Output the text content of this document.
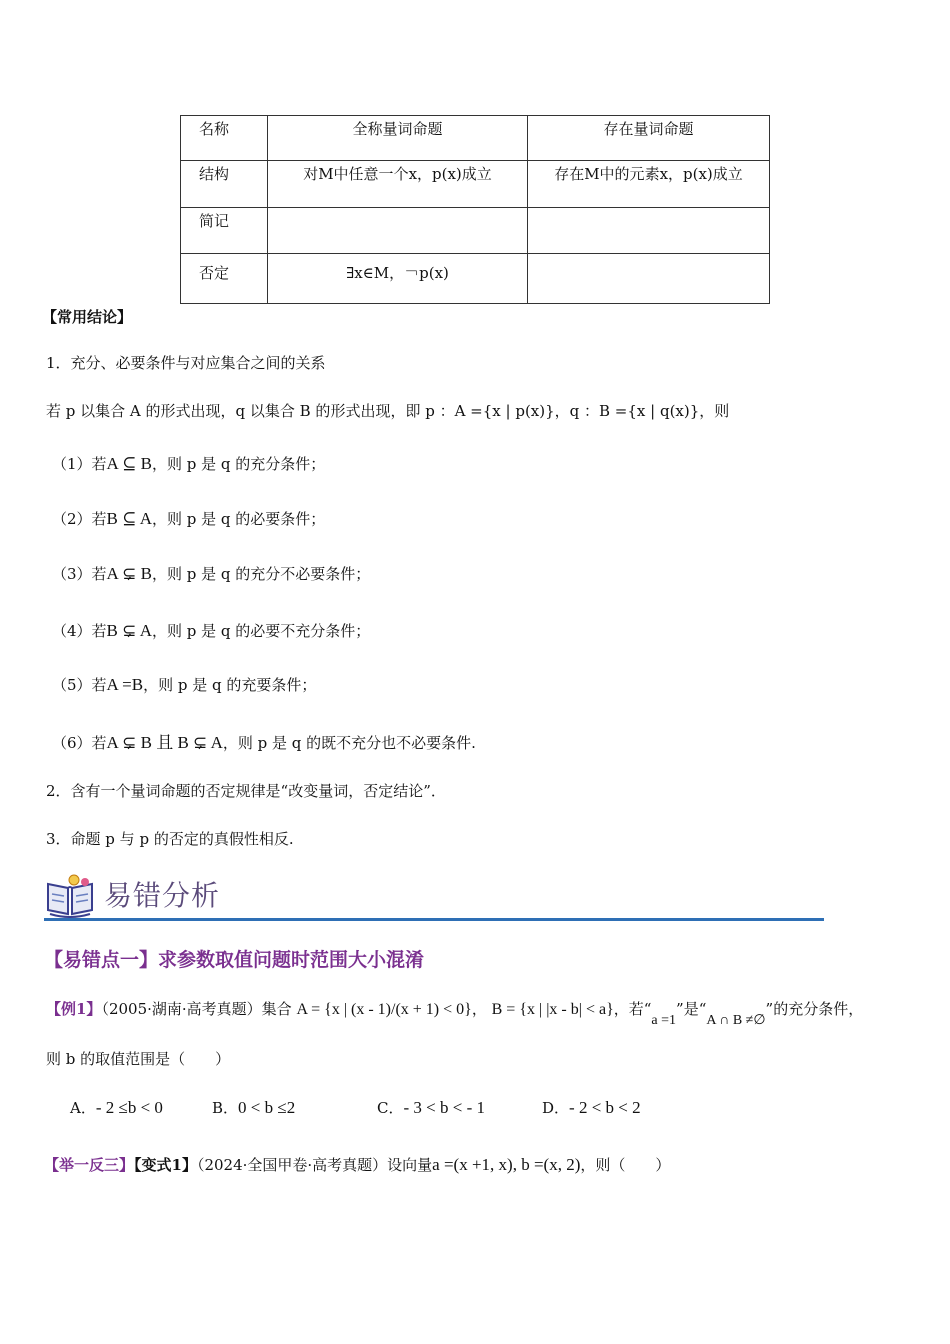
名称	全称量词命题	存在量词命题
结构	对M中任意一个x，p(x)成立	存在M中的元素x，p(x)成立
简记		
否定	∃x∈M，￢p(x)	
【常用结论】
1．充分、必要条件与对应集合之间的关系
若 p 以集合 A 的形式出现，q 以集合 B 的形式出现，即 p ：A ={x | p(x)}，q ：B ={x | q(x)}，则
（1）若A ⊆ B，则 p 是 q 的充分条件；
（2）若B ⊆ A，则 p 是 q 的必要条件；
（3）若A ⊊ B，则 p 是 q 的充分不必要条件；
（4）若B ⊊ A，则 p 是 q 的必要不充分条件；
（5）若A =B，则 p 是 q 的充要条件；
（6）若A ⊊ B 且 B ⊊ A，则 p 是 q 的既不充分也不必要条件.
2．含有一个量词命题的否定规律是“改变量词，否定结论”．
3．命题 p 与 p 的否定的真假性相反.
易错分析
【易错点一】求参数取值问题时范围大小混淆
【例1】（2005·湖南·高考真题）集合 A = {x | (x - 1)/(x + 1) < 0}， B = {x | |x - b| < a}，若“a =1”是“A ∩ B ≠∅”的充分条件，
则 b 的取值范围是（　　）
A．- 2 ≤b < 0	B．0 < b ≤2	C．- 3 < b < - 1	D．- 2 < b < 2
【举一反三】【变式1】（2024·全国甲卷·高考真题）设向量a =(x +1, x), b =(x, 2)，则（　　）
